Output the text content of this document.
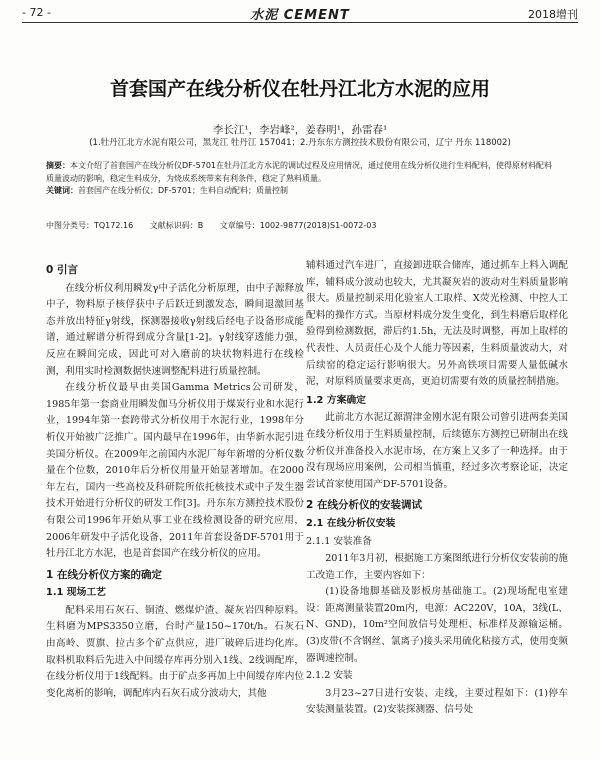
- 72 -	水泥 CEMENT	2018增刊
首套国产在线分析仪在牡丹江北方水泥的应用
李长江¹，李岩峰²，姜春明¹，孙雷春¹
(1.牡丹江北方水泥有限公司，黑龙江 牡丹江 157041；2.丹东东方测控技术股份有限公司，辽宁 丹东 118002)
摘要：本文介绍了首套国产在线分析仪DF-5701在牡丹江北方水泥的调试过程及应用情况，通过使用在线分析仪进行生料配料，使得原材料配料质量波动的影响，稳定生料成分，为烧成系统带来有利条件，稳定了熟料质量。
关键词：首套国产在线分析仪；DF-5701；生料自动配料；质量控制
中图分类号：TQ172.16 文献标识码：B 文章编号：1002-9877(2018)S1-0072-03
0 引言

在线分析仪利用瞬发γ中子活化分析原理，由中子源释放中子，物料原子核俘获中子后跃迁到激发态，瞬间退激回基态并放出特征γ射线，探测器接收γ射线后经电子设备形成能谱，通过解谱分析得到成分含量[1-2]。γ射线穿透能力强，反应在瞬间完成，因此可对入磨前的块状物料进行在线检测，利用实时检测数据快速调整配料进行质量控制。

在线分析仪最早由美国Gamma Metrics公司研发，1985年第一套商业用瞬发伽马分析仪用于煤炭行业和水泥行业，1994年第一套跨带式分析仪用于水泥行业，1998年分析仪开始被广泛推广。国内最早在1996年，由华新水泥引进美国分析仪。在2009年之前国内水泥厂每年新增的分析仪数量在个位数，2010年后分析仪用量开始显著增加。在2000年左右，国内一些高校及科研院所依托核技术或中子发生器技术开始进行分析仪的研发工作[3]。丹东东方测控技术股份有限公司1996年开始从事工业在线检测设备的研究应用，2006年研发中子活化设备，2011年首套设备DF-5701用于牡丹江北方水泥，也是首套国产在线分析仪的应用。

1 在线分析仪方案的确定
1.1 现场工艺

配料采用石灰石、铜渣、燃煤炉渣、凝灰岩四种原料。生料磨为MPS3350立磨，台时产量150~170t/h。石灰石由高岭、贾旗、拉古多个矿点供应，进厂破碎后进均化库。取料机取料后先进入中间缓存库再分别入1线、2线调配库，在线分析仪用于1线配料。由于矿点多再加上中间缓存库内位变化离析的影响，调配库内石灰石成分波动大，其他

辅料通过汽车进厂，直接卸进联合储库，通过抓车上料入调配库，辅料成分波动也较大，尤其凝灰岩的波动对生料质量影响很大。质量控制采用化验室人工取样、X荧光检测、中控人工配料的操作方式。当原材料成分发生变化，到生料磨后取样化验得到检测数据，滞后约1.5h，无法及时调整，再加上取样的代表性、人员责任心及个人能力等因素，生料质量波动大，对后续窑的稳定运行影响很大。另外高铁项目需要人量低碱水泥，对原料质量要求更高，更迫切需要有效的质量控制措施。

1.2 方案确定

此前北方水泥辽源渭津金刚水泥有限公司曾引进两套美国在线分析仪用于生料质量控制，后续德东方测控已研制出在线分析仪并准备投入水泥市场，在方案上又多了一种选择。由于没有现场应用案例，公司相当慎重，经过多次考察论证，决定尝试首家使用国产DF-5701设备。

2 在线分析仪的安装调试
2.1 在线分析仪安装
2.1.1 安装准备

2011年3月初，根据施工方案图纸进行分析仪安装前的施工改造工作，主要内容如下：

(1)设备地脚基础及影板房基础施工。(2)现场配电室建设：距离测量装置20m内，电源：AC220V，10A，3线(L、N、GND)，10m²空间放信号处理柜、标准样及源输运桶。(3)皮带(不含钢丝、氯离子)接头采用硫化粘接方式，使用变频器调速控制。

2.1.2 安装

3月23~27日进行安装、走线，主要过程如下：(1)停车安装测量装置。(2)安装探测器、信号处
